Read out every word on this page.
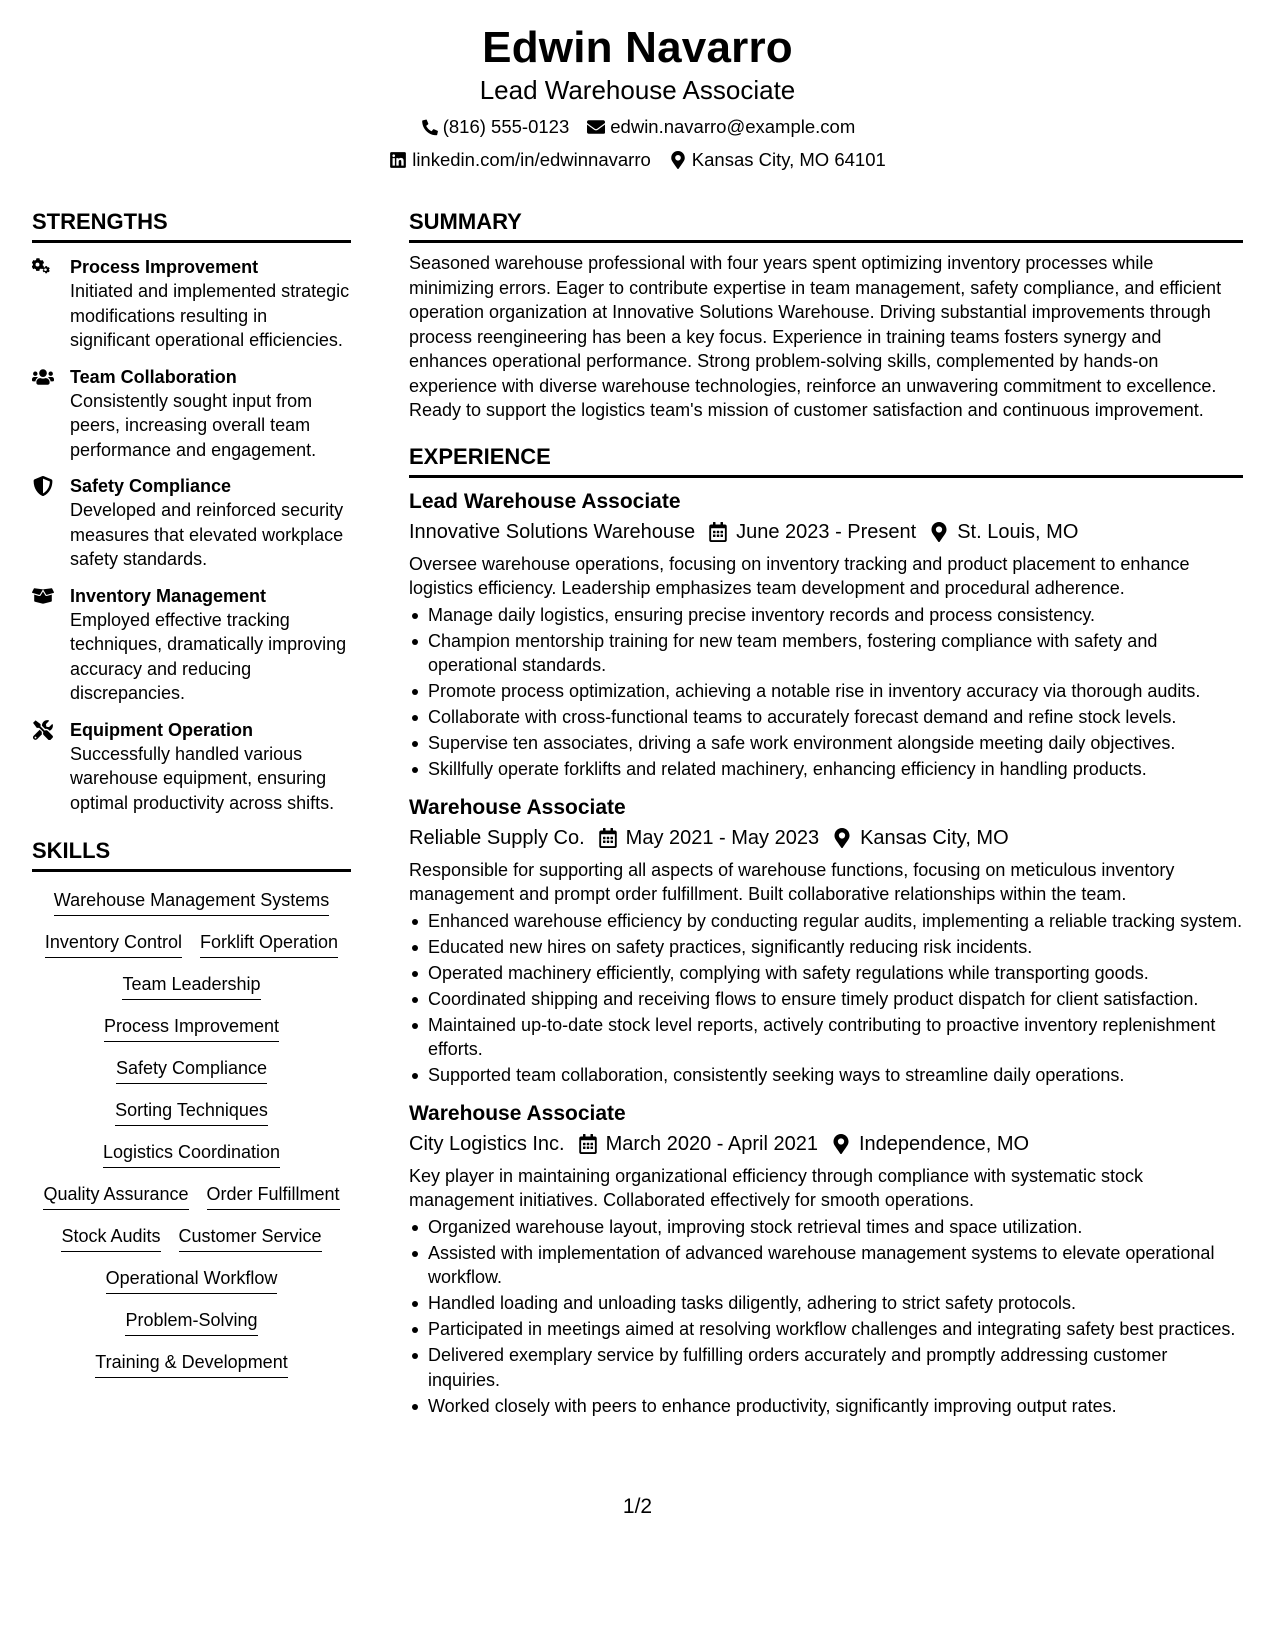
Edwin Navarro
Lead Warehouse Associate
(816) 555-0123 edwin.navarro@example.com
linkedin.com/in/edwinnavarro Kansas City, MO 64101
STRENGTHS
Process Improvement
Initiated and implemented strategic modifications resulting in significant operational efficiencies.
Team Collaboration
Consistently sought input from peers, increasing overall team performance and engagement.
Safety Compliance
Developed and reinforced security measures that elevated workplace safety standards.
Inventory Management
Employed effective tracking techniques, dramatically improving accuracy and reducing discrepancies.
Equipment Operation
Successfully handled various warehouse equipment, ensuring optimal productivity across shifts.
SKILLS
Warehouse Management Systems
Inventory Control Forklift Operation
Team Leadership
Process Improvement
Safety Compliance
Sorting Techniques
Logistics Coordination
Quality Assurance Order Fulfillment
Stock Audits Customer Service
Operational Workflow
Problem-Solving
Training & Development
SUMMARY
Seasoned warehouse professional with four years spent optimizing inventory processes while minimizing errors. Eager to contribute expertise in team management, safety compliance, and efficient operation organization at Innovative Solutions Warehouse. Driving substantial improvements through process reengineering has been a key focus. Experience in training teams fosters synergy and enhances operational performance. Strong problem-solving skills, complemented by hands-on experience with diverse warehouse technologies, reinforce an unwavering commitment to excellence. Ready to support the logistics team's mission of customer satisfaction and continuous improvement.
EXPERIENCE
Lead Warehouse Associate
Innovative Solutions Warehouse June 2023 - Present St. Louis, MO
Oversee warehouse operations, focusing on inventory tracking and product placement to enhance logistics efficiency. Leadership emphasizes team development and procedural adherence.
Manage daily logistics, ensuring precise inventory records and process consistency.
Champion mentorship training for new team members, fostering compliance with safety and operational standards.
Promote process optimization, achieving a notable rise in inventory accuracy via thorough audits.
Collaborate with cross-functional teams to accurately forecast demand and refine stock levels.
Supervise ten associates, driving a safe work environment alongside meeting daily objectives.
Skillfully operate forklifts and related machinery, enhancing efficiency in handling products.
Warehouse Associate
Reliable Supply Co. May 2021 - May 2023 Kansas City, MO
Responsible for supporting all aspects of warehouse functions, focusing on meticulous inventory management and prompt order fulfillment. Built collaborative relationships within the team.
Enhanced warehouse efficiency by conducting regular audits, implementing a reliable tracking system.
Educated new hires on safety practices, significantly reducing risk incidents.
Operated machinery efficiently, complying with safety regulations while transporting goods.
Coordinated shipping and receiving flows to ensure timely product dispatch for client satisfaction.
Maintained up-to-date stock level reports, actively contributing to proactive inventory replenishment efforts.
Supported team collaboration, consistently seeking ways to streamline daily operations.
Warehouse Associate
City Logistics Inc. March 2020 - April 2021 Independence, MO
Key player in maintaining organizational efficiency through compliance with systematic stock management initiatives. Collaborated effectively for smooth operations.
Organized warehouse layout, improving stock retrieval times and space utilization.
Assisted with implementation of advanced warehouse management systems to elevate operational workflow.
Handled loading and unloading tasks diligently, adhering to strict safety protocols.
Participated in meetings aimed at resolving workflow challenges and integrating safety best practices.
Delivered exemplary service by fulfilling orders accurately and promptly addressing customer inquiries.
Worked closely with peers to enhance productivity, significantly improving output rates.
1/2
